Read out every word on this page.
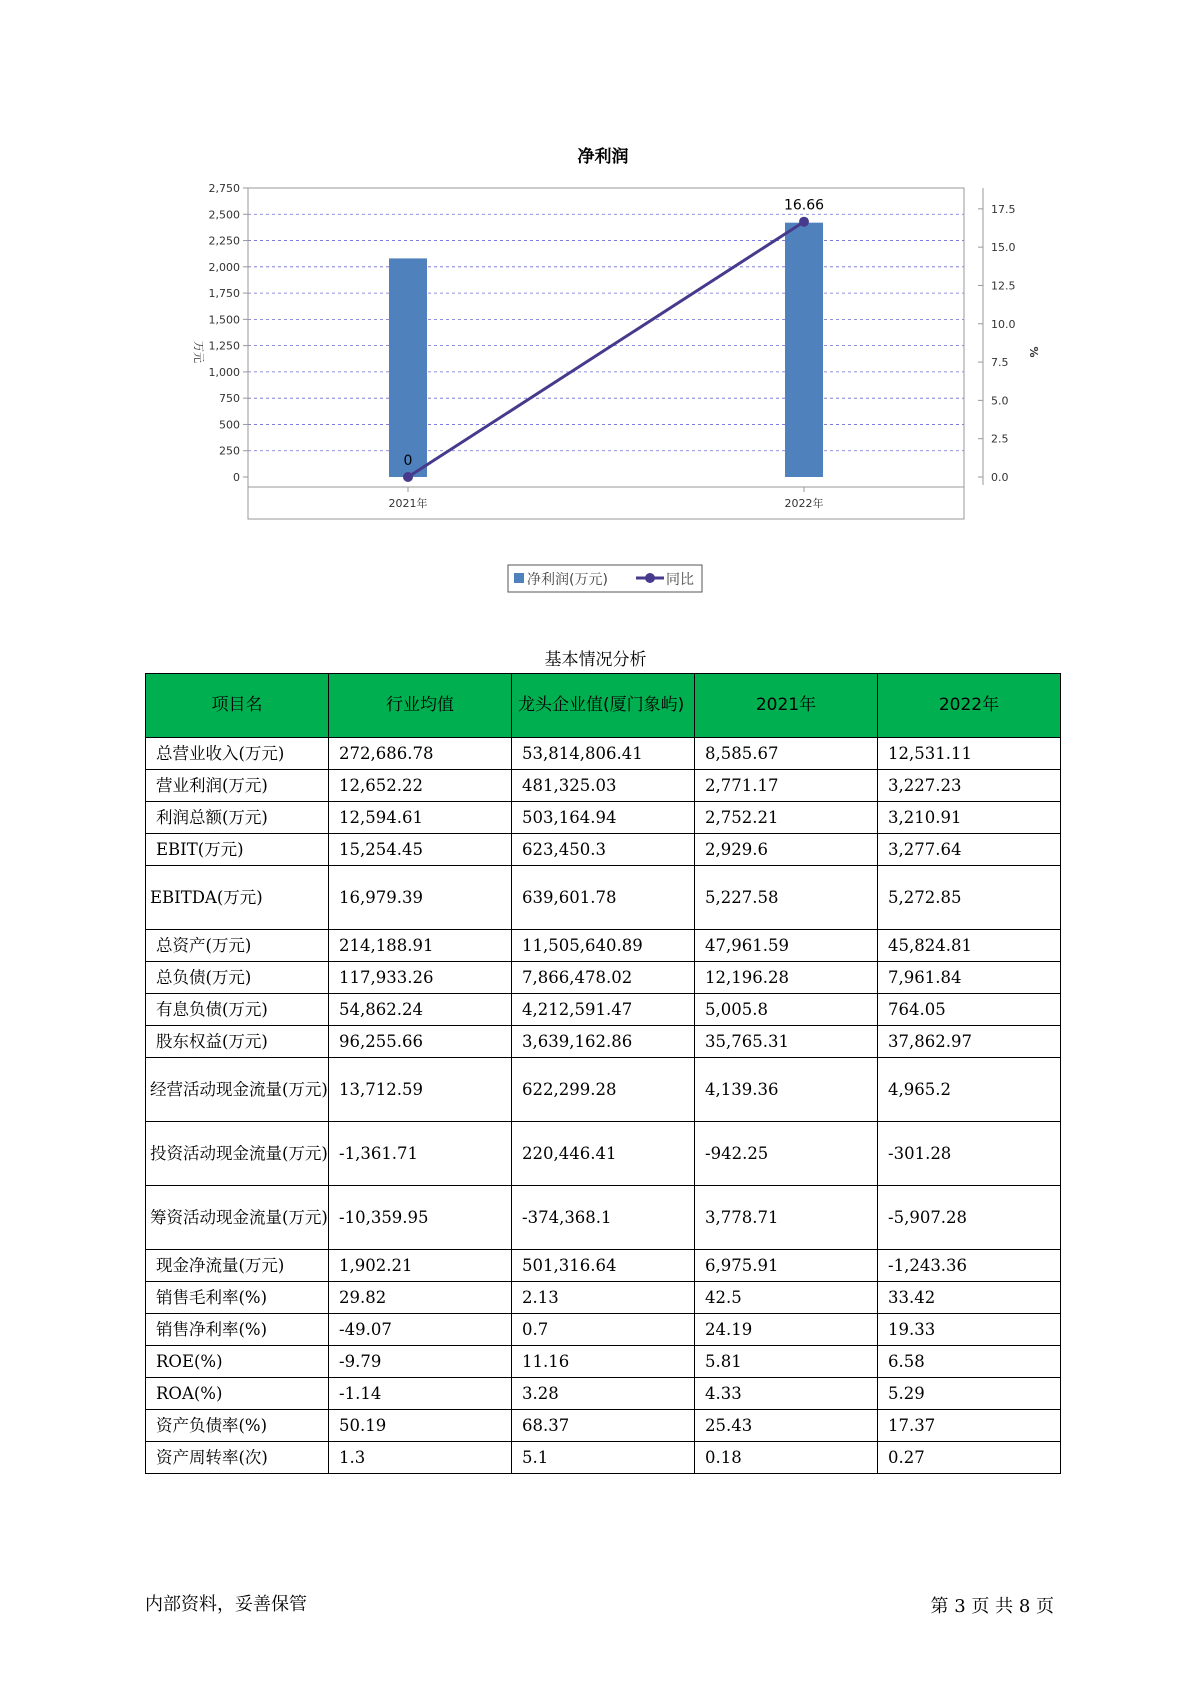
净利润
0
250
500
750
1,000
1,250
1,500
1,750
2,000
2,250
2,500
2,750
0.0
2.5
5.0
7.5
10.0
12.5
15.0
17.5
2021年	2022年
0
16.66
万元	%
净利润(万元)	同比
基本情况分析
项目名	行业均值	龙头企业值(厦门象屿)	2021年	2022年
总营业收入(万元)	272,686.78	53,814,806.41	8,585.67	12,531.11
营业利润(万元)	12,652.22	481,325.03	2,771.17	3,227.23
利润总额(万元)	12,594.61	503,164.94	2,752.21	3,210.91
EBIT(万元)	15,254.45	623,450.3	2,929.6	3,277.64
EBITDA(万元)	16,979.39	639,601.78	5,227.58	5,272.85
总资产(万元)	214,188.91	11,505,640.89	47,961.59	45,824.81
总负债(万元)	117,933.26	7,866,478.02	12,196.28	7,961.84
有息负债(万元)	54,862.24	4,212,591.47	5,005.8	764.05
股东权益(万元)	96,255.66	3,639,162.86	35,765.31	37,862.97
经营活动现金流量(万元)	13,712.59	622,299.28	4,139.36	4,965.2
投资活动现金流量(万元)	-1,361.71	220,446.41	-942.25	-301.28
筹资活动现金流量(万元)	-10,359.95	-374,368.1	3,778.71	-5,907.28
现金净流量(万元)	1,902.21	501,316.64	6,975.91	-1,243.36
销售毛利率(%)	29.82	2.13	42.5	33.42
销售净利率(%)	-49.07	0.7	24.19	19.33
ROE(%)	-9.79	11.16	5.81	6.58
ROA(%)	-1.14	3.28	4.33	5.29
资产负债率(%)	50.19	68.37	25.43	17.37
资产周转率(次)	1.3	5.1	0.18	0.27
内部资料，妥善保管	第 3 页 共 8 页
